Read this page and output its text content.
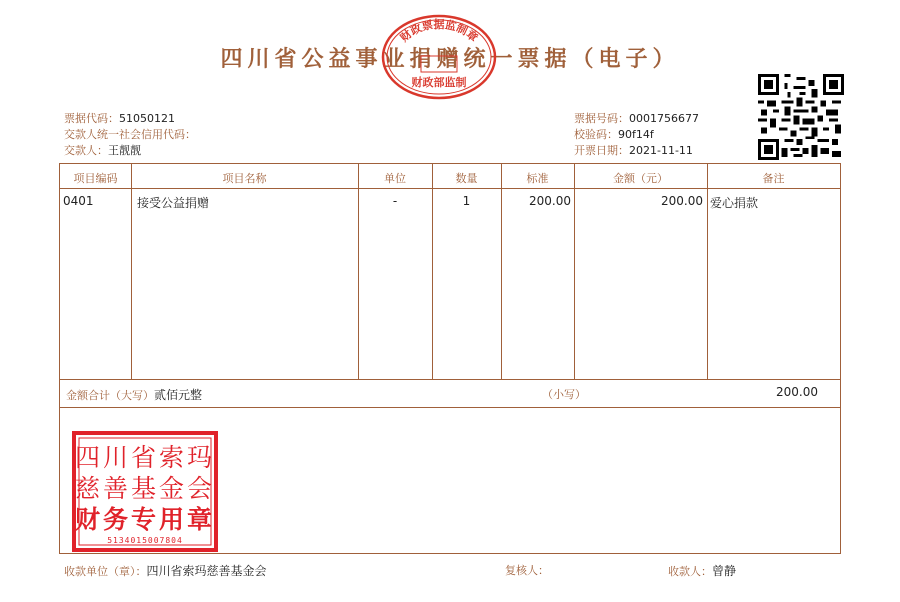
四川省公益事业捐赠统一票据（电子）
财政票据监制章
财政部监制
票据代码：51050121
交款人统一社会信用代码：
交款人：王靓靓
票据号码：0001756677
校验码：90f14f
开票日期：2021-11-11
项目编码	项目名称	单位	数量	标准	金额（元）	备注
0401	接受公益捐赠	-	1	200.00	200.00 爱心捐款
金额合计（大写）贰佰元整	（小写）	200.00
四川省索玛
慈善基金会
财务专用章
5134015007804
收款单位（章）：四川省索玛慈善基金会	复核人：	收款人：曾静
